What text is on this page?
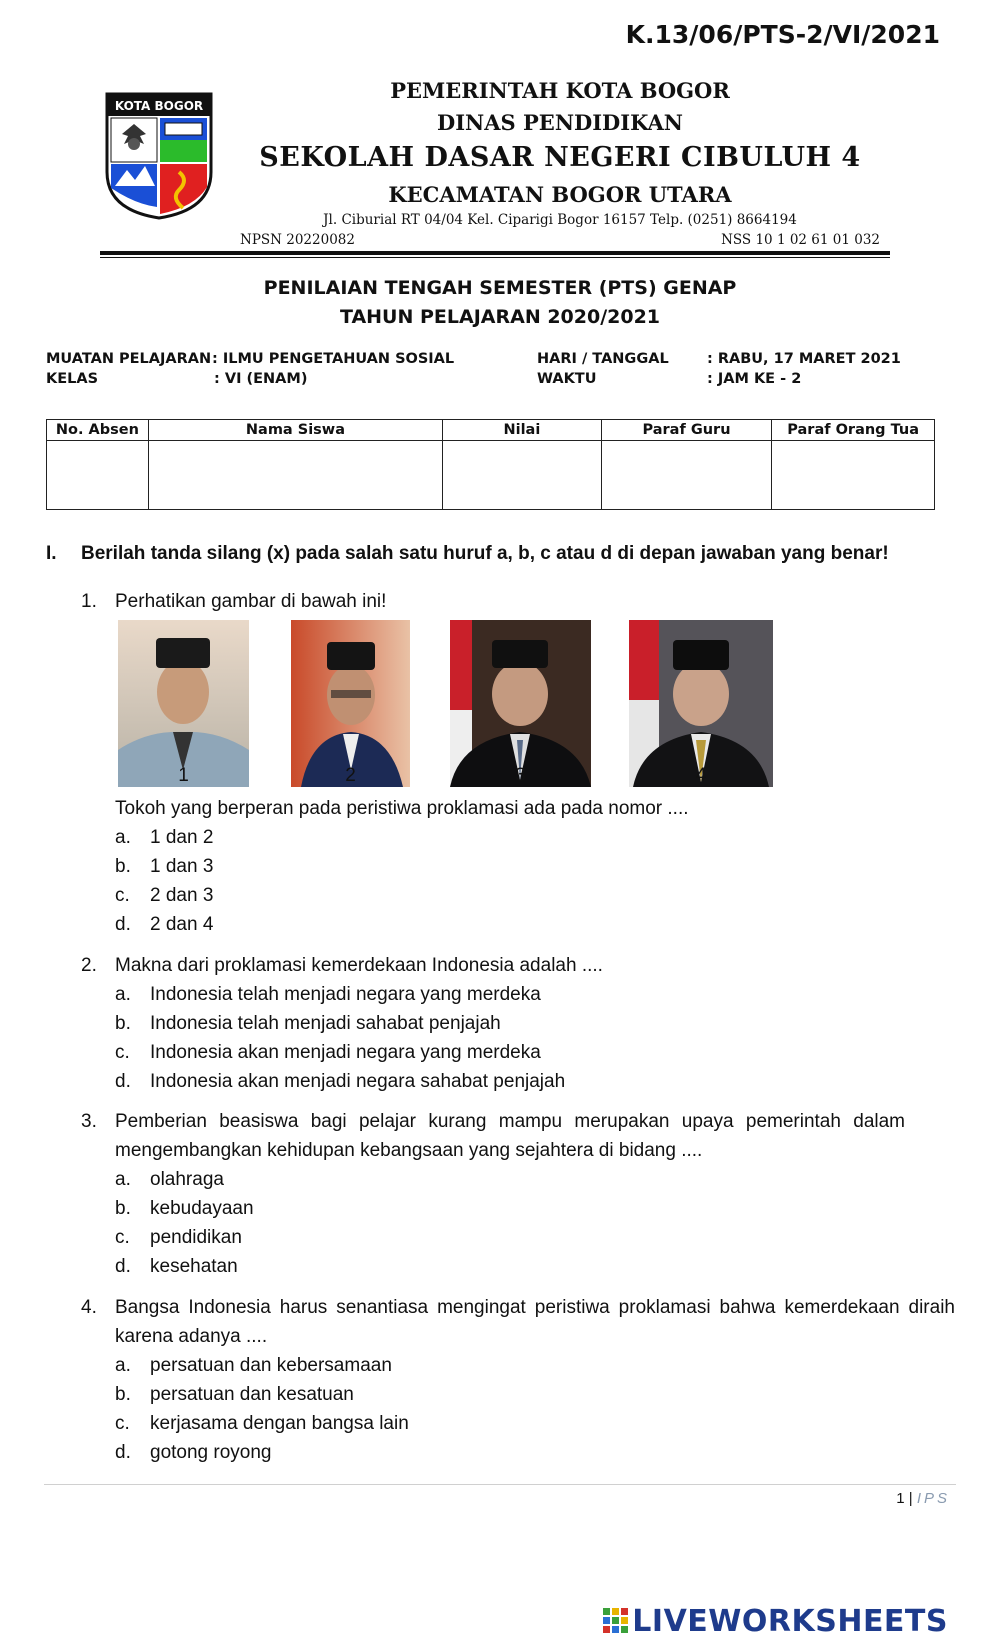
K.13/06/PTS-2/VI/2021
KOTA BOGOR
PEMERINTAH KOTA BOGOR
DINAS PENDIDIKAN
SEKOLAH DASAR NEGERI CIBULUH 4
KECAMATAN BOGOR UTARA
Jl. Ciburial RT 04/04 Kel. Ciparigi Bogor 16157 Telp. (0251) 8664194
NPSN 20220082	NSS 10 1 02 61 01 032
PENILAIAN TENGAH SEMESTER (PTS) GENAP
TAHUN PELAJARAN 2020/2021
MUATAN PELAJARAN : ILMU PENGETAHUAN SOSIAL
KELAS	: VI (ENAM)
HARI / TANGGAL	: RABU, 17 MARET 2021
WAKTU	: JAM KE - 2
No. Absen	Nama Siswa	Nilai	Paraf Guru	Paraf Orang Tua

I. Berilah tanda silang (x) pada salah satu huruf a, b, c atau d di depan jawaban yang benar!
1. Perhatikan gambar di bawah ini!
1	2	3	4
Tokoh yang berperan pada peristiwa proklamasi ada pada nomor ....
a. 1 dan 2
b. 1 dan 3
c. 2 dan 3
d. 2 dan 4
2. Makna dari proklamasi kemerdekaan Indonesia adalah ....
a. Indonesia telah menjadi negara yang merdeka
b. Indonesia telah menjadi sahabat penjajah
c. Indonesia akan menjadi negara yang merdeka
d. Indonesia akan menjadi negara sahabat penjajah
3. Pemberian beasiswa bagi pelajar kurang mampu merupakan upaya pemerintah dalam mengembangkan kehidupan kebangsaan yang sejahtera di bidang ....
a. olahraga
b. kebudayaan
c. pendidikan
d. kesehatan
4. Bangsa Indonesia harus senantiasa mengingat peristiwa proklamasi bahwa kemerdekaan diraih karena adanya ....
a. persatuan dan kebersamaan
b. persatuan dan kesatuan
c. kerjasama dengan bangsa lain
d. gotong royong
1 | IPS
LIVEWORKSHEETS
